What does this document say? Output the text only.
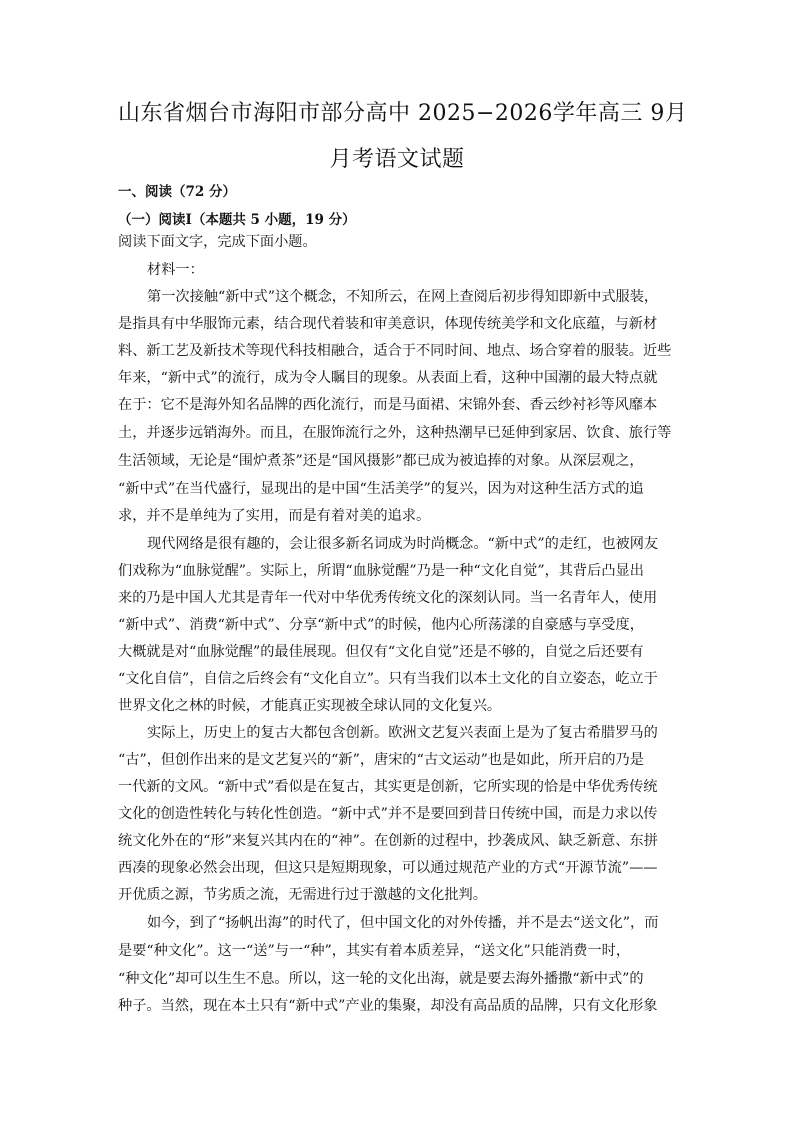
山东省烟台市海阳市部分高中 2025−2026学年高三 9月
月考语文试题
一、阅读（72 分）
（一）阅读Ⅰ（本题共 5 小题，19 分）
阅读下面文字，完成下面小题。
材料一：
第一次接触“新中式”这个概念，不知所云，在网上查阅后初步得知即新中式服装，
是指具有中华服饰元素，结合现代着装和审美意识，体现传统美学和文化底蕴，与新材
料、新工艺及新技术等现代科技相融合，适合于不同时间、地点、场合穿着的服装。近些
年来，“新中式”的流行，成为令人瞩目的现象。从表面上看，这种中国潮的最大特点就
在于：它不是海外知名品牌的西化流行，而是马面裙、宋锦外套、香云纱衬衫等风靡本
土，并逐步远销海外。而且，在服饰流行之外，这种热潮早已延伸到家居、饮食、旅行等
生活领域，无论是“围炉煮茶”还是“国风摄影”都已成为被追捧的对象。从深层观之，
“新中式”在当代盛行，显现出的是中国“生活美学”的复兴，因为对这种生活方式的追
求，并不是单纯为了实用，而是有着对美的追求。
现代网络是很有趣的，会让很多新名词成为时尚概念。“新中式”的走红，也被网友
们戏称为“血脉觉醒”。实际上，所谓“血脉觉醒”乃是一种“文化自觉”，其背后凸显出
来的乃是中国人尤其是青年一代对中华优秀传统文化的深刻认同。当一名青年人，使用
“新中式”、消费“新中式”、分享“新中式”的时候，他内心所荡漾的自豪感与享受度，
大概就是对“血脉觉醒”的最佳展现。但仅有“文化自觉”还是不够的，自觉之后还要有
“文化自信”，自信之后终会有“文化自立”。只有当我们以本土文化的自立姿态，屹立于
世界文化之林的时候，才能真正实现被全球认同的文化复兴。
实际上，历史上的复古大都包含创新。欧洲文艺复兴表面上是为了复古希腊罗马的
“古”，但创作出来的是文艺复兴的“新”，唐宋的“古文运动”也是如此，所开启的乃是
一代新的文风。“新中式”看似是在复古，其实更是创新，它所实现的恰是中华优秀传统
文化的创造性转化与转化性创造。“新中式”并不是要回到昔日传统中国，而是力求以传
统文化外在的“形”来复兴其内在的“神”。在创新的过程中，抄袭成风、缺乏新意、东拼
西凑的现象必然会出现，但这只是短期现象，可以通过规范产业的方式“开源节流”——
开优质之源，节劣质之流，无需进行过于激越的文化批判。
如今，到了“扬帆出海”的时代了，但中国文化的对外传播，并不是去“送文化”，而
是要“种文化”。这一“送”与一“种”，其实有着本质差异，“送文化”只能消费一时，
“种文化”却可以生生不息。所以，这一轮的文化出海，就是要去海外播撒“新中式”的
种子。当然，现在本土只有“新中式”产业的集聚，却没有高品质的品牌，只有文化形象
